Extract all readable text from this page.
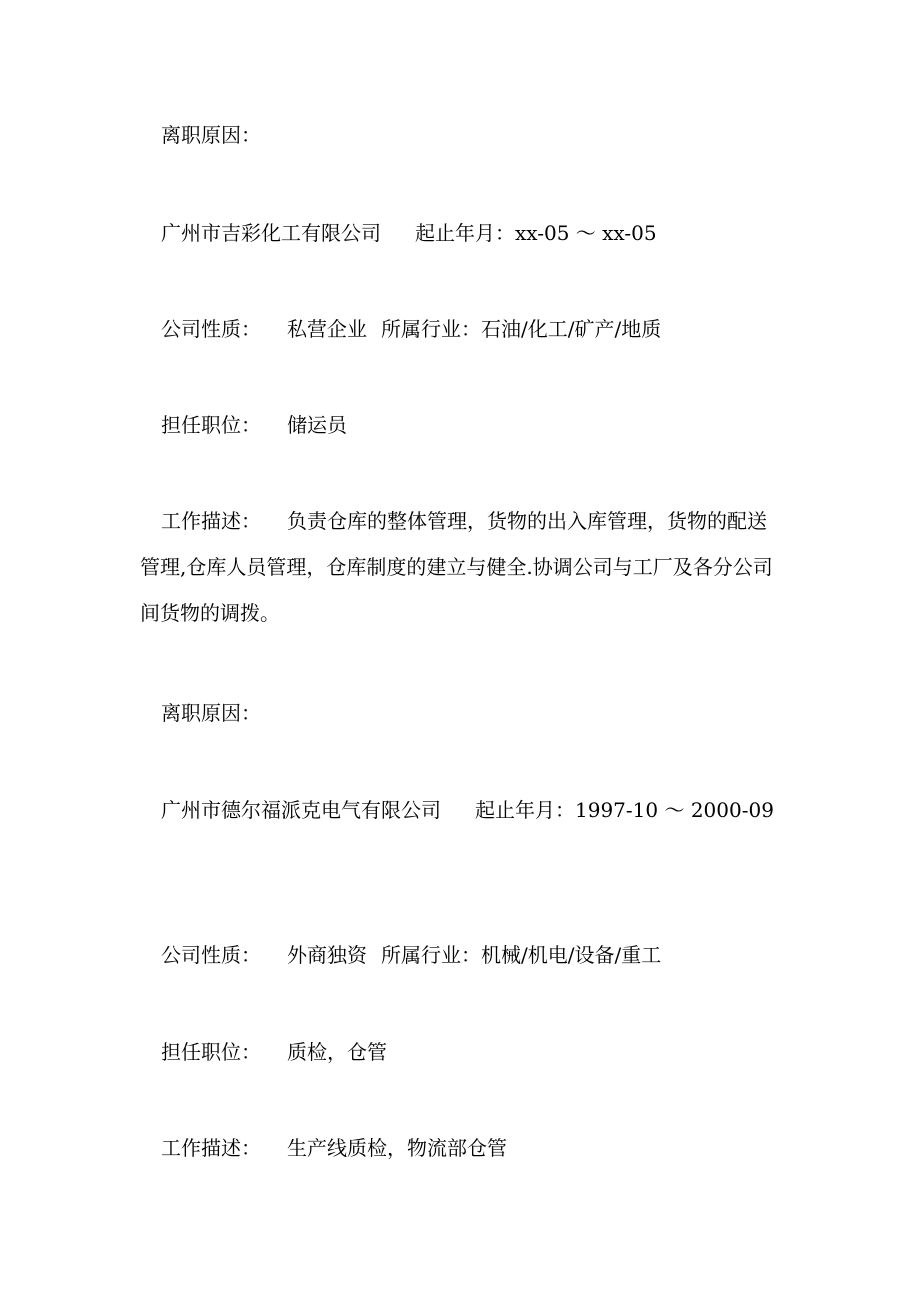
离职原因：
广州市吉彩化工有限公司 起止年月：xx-05 ～ xx-05
公司性质： 私营企业 所属行业：石油/化工/矿产/地质
担任职位： 储运员
工作描述： 负责仓库的整体管理，货物的出入库管理，货物的配送管理,仓库人员管理，仓库制度的建立与健全.协调公司与工厂及各分公司间货物的调拨。
离职原因：
广州市德尔福派克电气有限公司 起止年月：1997-10 ～ 2000-09
公司性质： 外商独资 所属行业：机械/机电/设备/重工
担任职位： 质检，仓管
工作描述： 生产线质检，物流部仓管
